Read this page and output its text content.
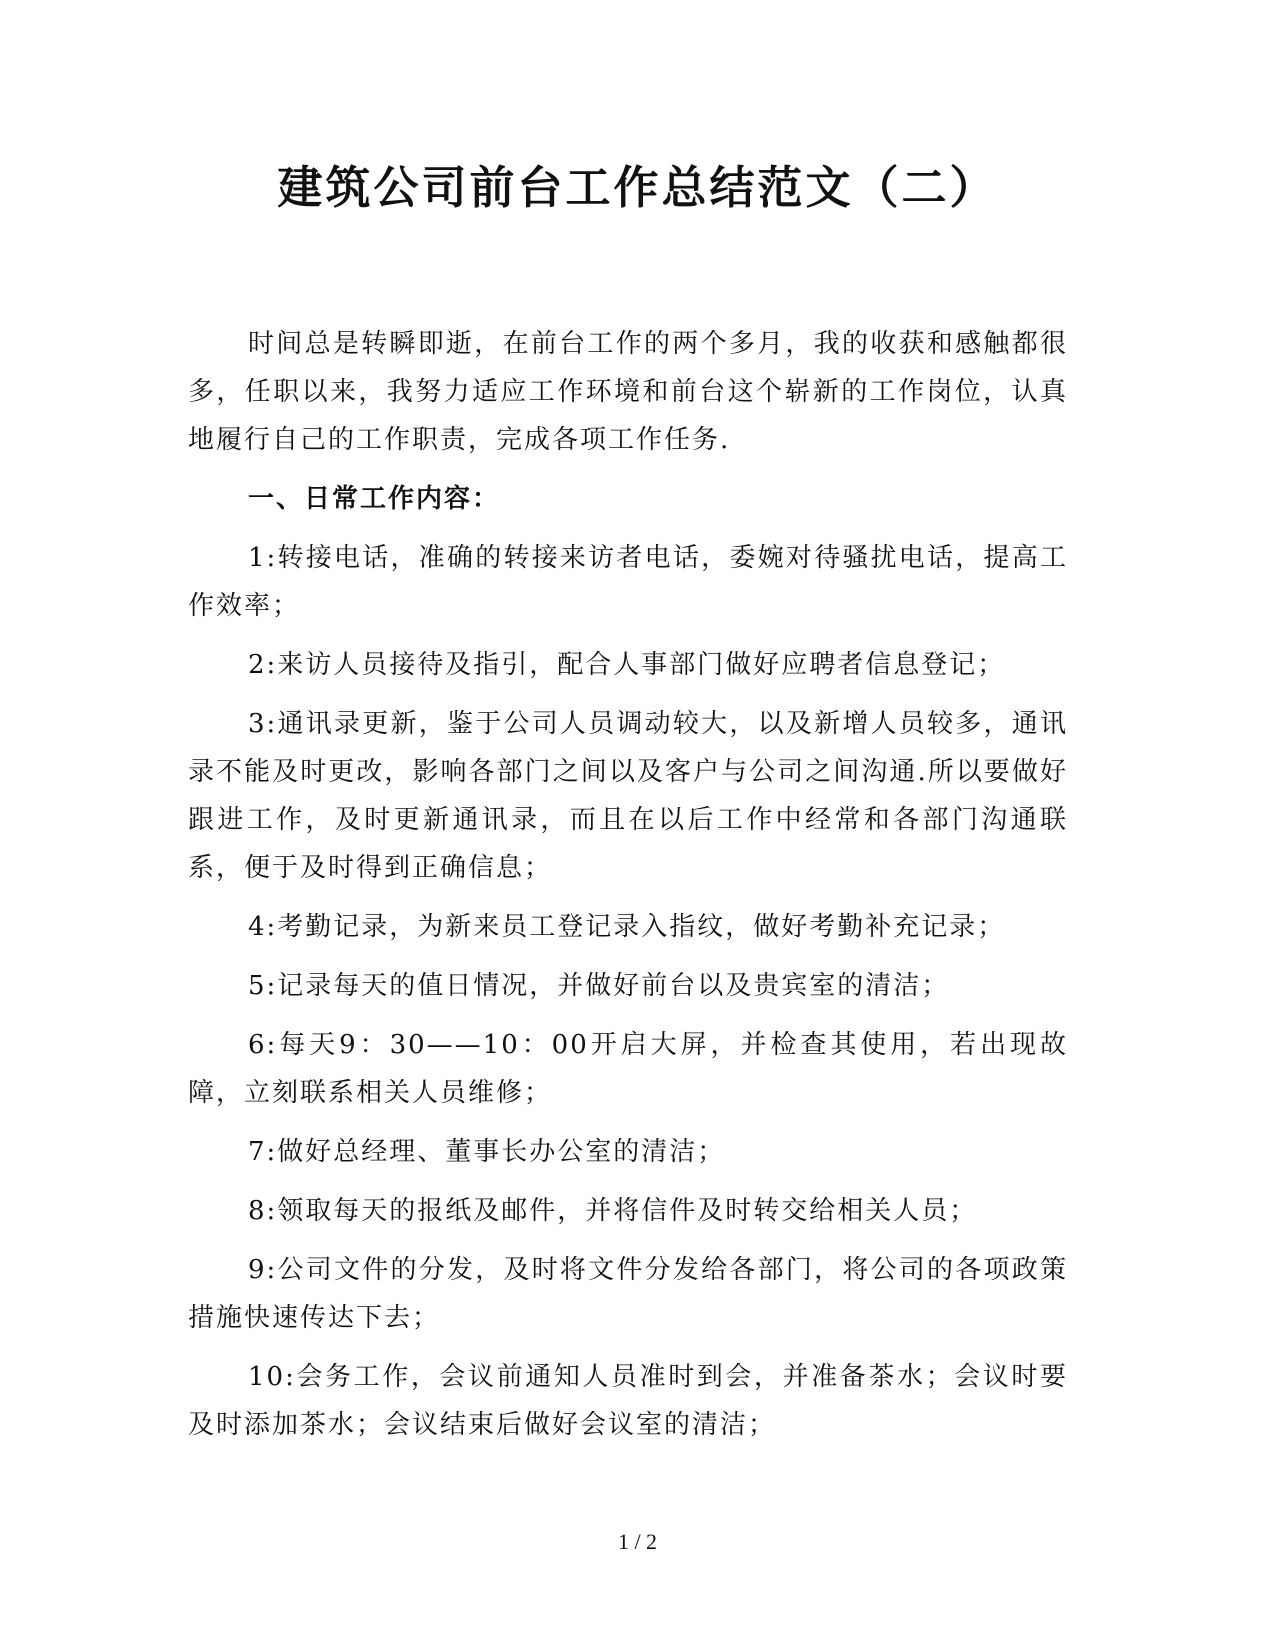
建筑公司前台工作总结范文（二）

时间总是转瞬即逝，在前台工作的两个多月，我的收获和感触都很多，任职以来，我努力适应工作环境和前台这个崭新的工作岗位，认真地履行自己的工作职责，完成各项工作任务.

一、日常工作内容：

1:转接电话，准确的转接来访者电话，委婉对待骚扰电话，提高工作效率；

2:来访人员接待及指引，配合人事部门做好应聘者信息登记；

3:通讯录更新，鉴于公司人员调动较大，以及新增人员较多，通讯录不能及时更改，影响各部门之间以及客户与公司之间沟通.所以要做好跟进工作，及时更新通讯录，而且在以后工作中经常和各部门沟通联系，便于及时得到正确信息；

4:考勤记录，为新来员工登记录入指纹，做好考勤补充记录；

5:记录每天的值日情况，并做好前台以及贵宾室的清洁；

6:每天9：30——10：00开启大屏，并检查其使用，若出现故障，立刻联系相关人员维修；

7:做好总经理、董事长办公室的清洁；

8:领取每天的报纸及邮件，并将信件及时转交给相关人员；

9:公司文件的分发，及时将文件分发给各部门，将公司的各项政策措施快速传达下去；

10:会务工作，会议前通知人员准时到会，并准备茶水；会议时要及时添加茶水；会议结束后做好会议室的清洁；

1 / 2
